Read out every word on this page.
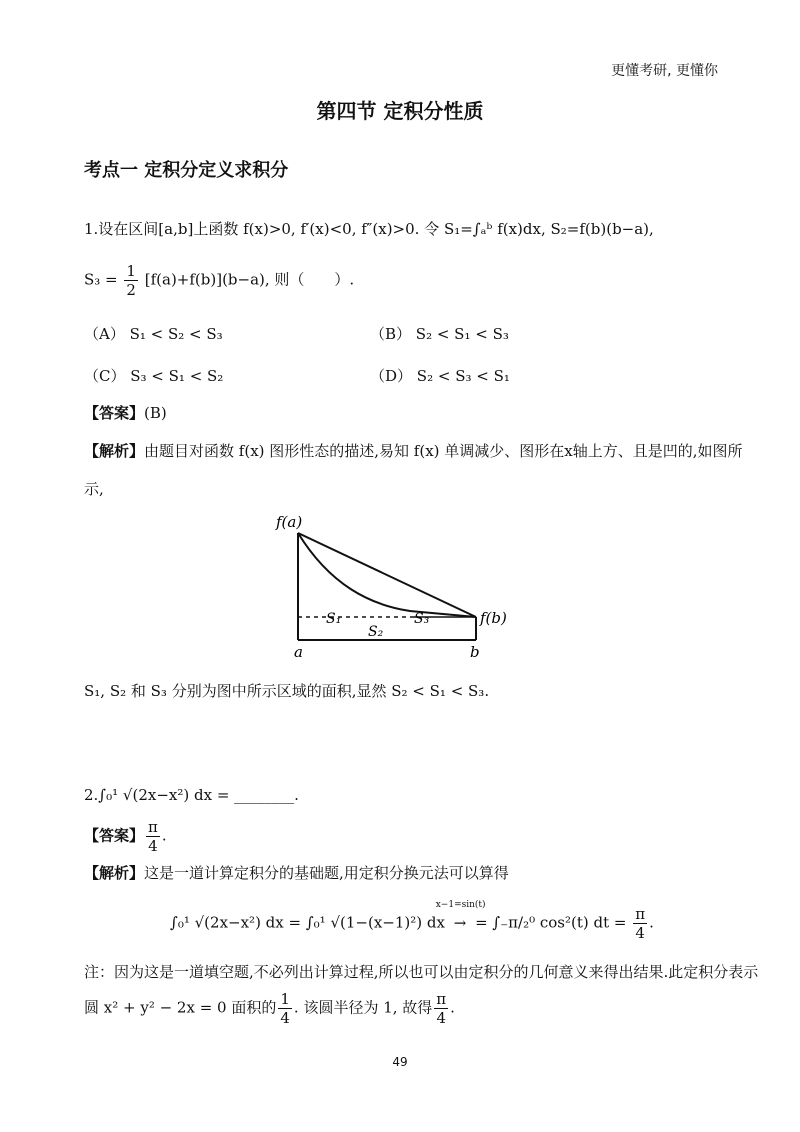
更懂考研, 更懂你
第四节 定积分性质
考点一 定积分定义求积分
1.设在区间[a,b]上函数 f(x)>0, f′(x)<0, f″(x)>0. 令 S₁=∫ₐᵇ f(x)dx, S₂=f(b)(b−a),
$S_3 = \frac{1}{2} [f(a)+f(b)](b-a)$, 则（　　）.
（A） S₁ < S₂ < S₃	（B） S₂ < S₁ < S₃
（C） S₃ < S₁ < S₂	（D） S₂ < S₃ < S₁
【答案】(B)
【解析】由题目对函数 f(x) 图形性态的描述,易知 f(x) 单调减少、图形在x轴上方、且是凹的,如图所
示,
f(a)
f(b)
S₁
S₂
S₃
a	b
S₁, S₂ 和 S₃ 分别为图中所示区域的面积,显然 S₂ < S₁ < S₃.
2.∫₀¹ √(2x−x²) dx = ________.
【答案】 $\frac{\pi}{4}$ .
【解析】这是一道计算定积分的基础题,用定积分换元法可以算得
∫₀¹ √(2x−x²) dx = ∫₀¹ √(1−(x−1)²) dx
x−1=sin(t)
→ = ∫₋π/₂⁰ cos²(t) dt = $\frac{\pi}{4}$ .
注：因为这是一道填空题,不必列出计算过程,所以也可以由定积分的几何意义来得出结果.此定积分表示
圆 x² + y² − 2x = 0 面积的 $\frac{1}{4}$ . 该圆半径为 1, 故得 $\frac{\pi}{4}$ .
49
